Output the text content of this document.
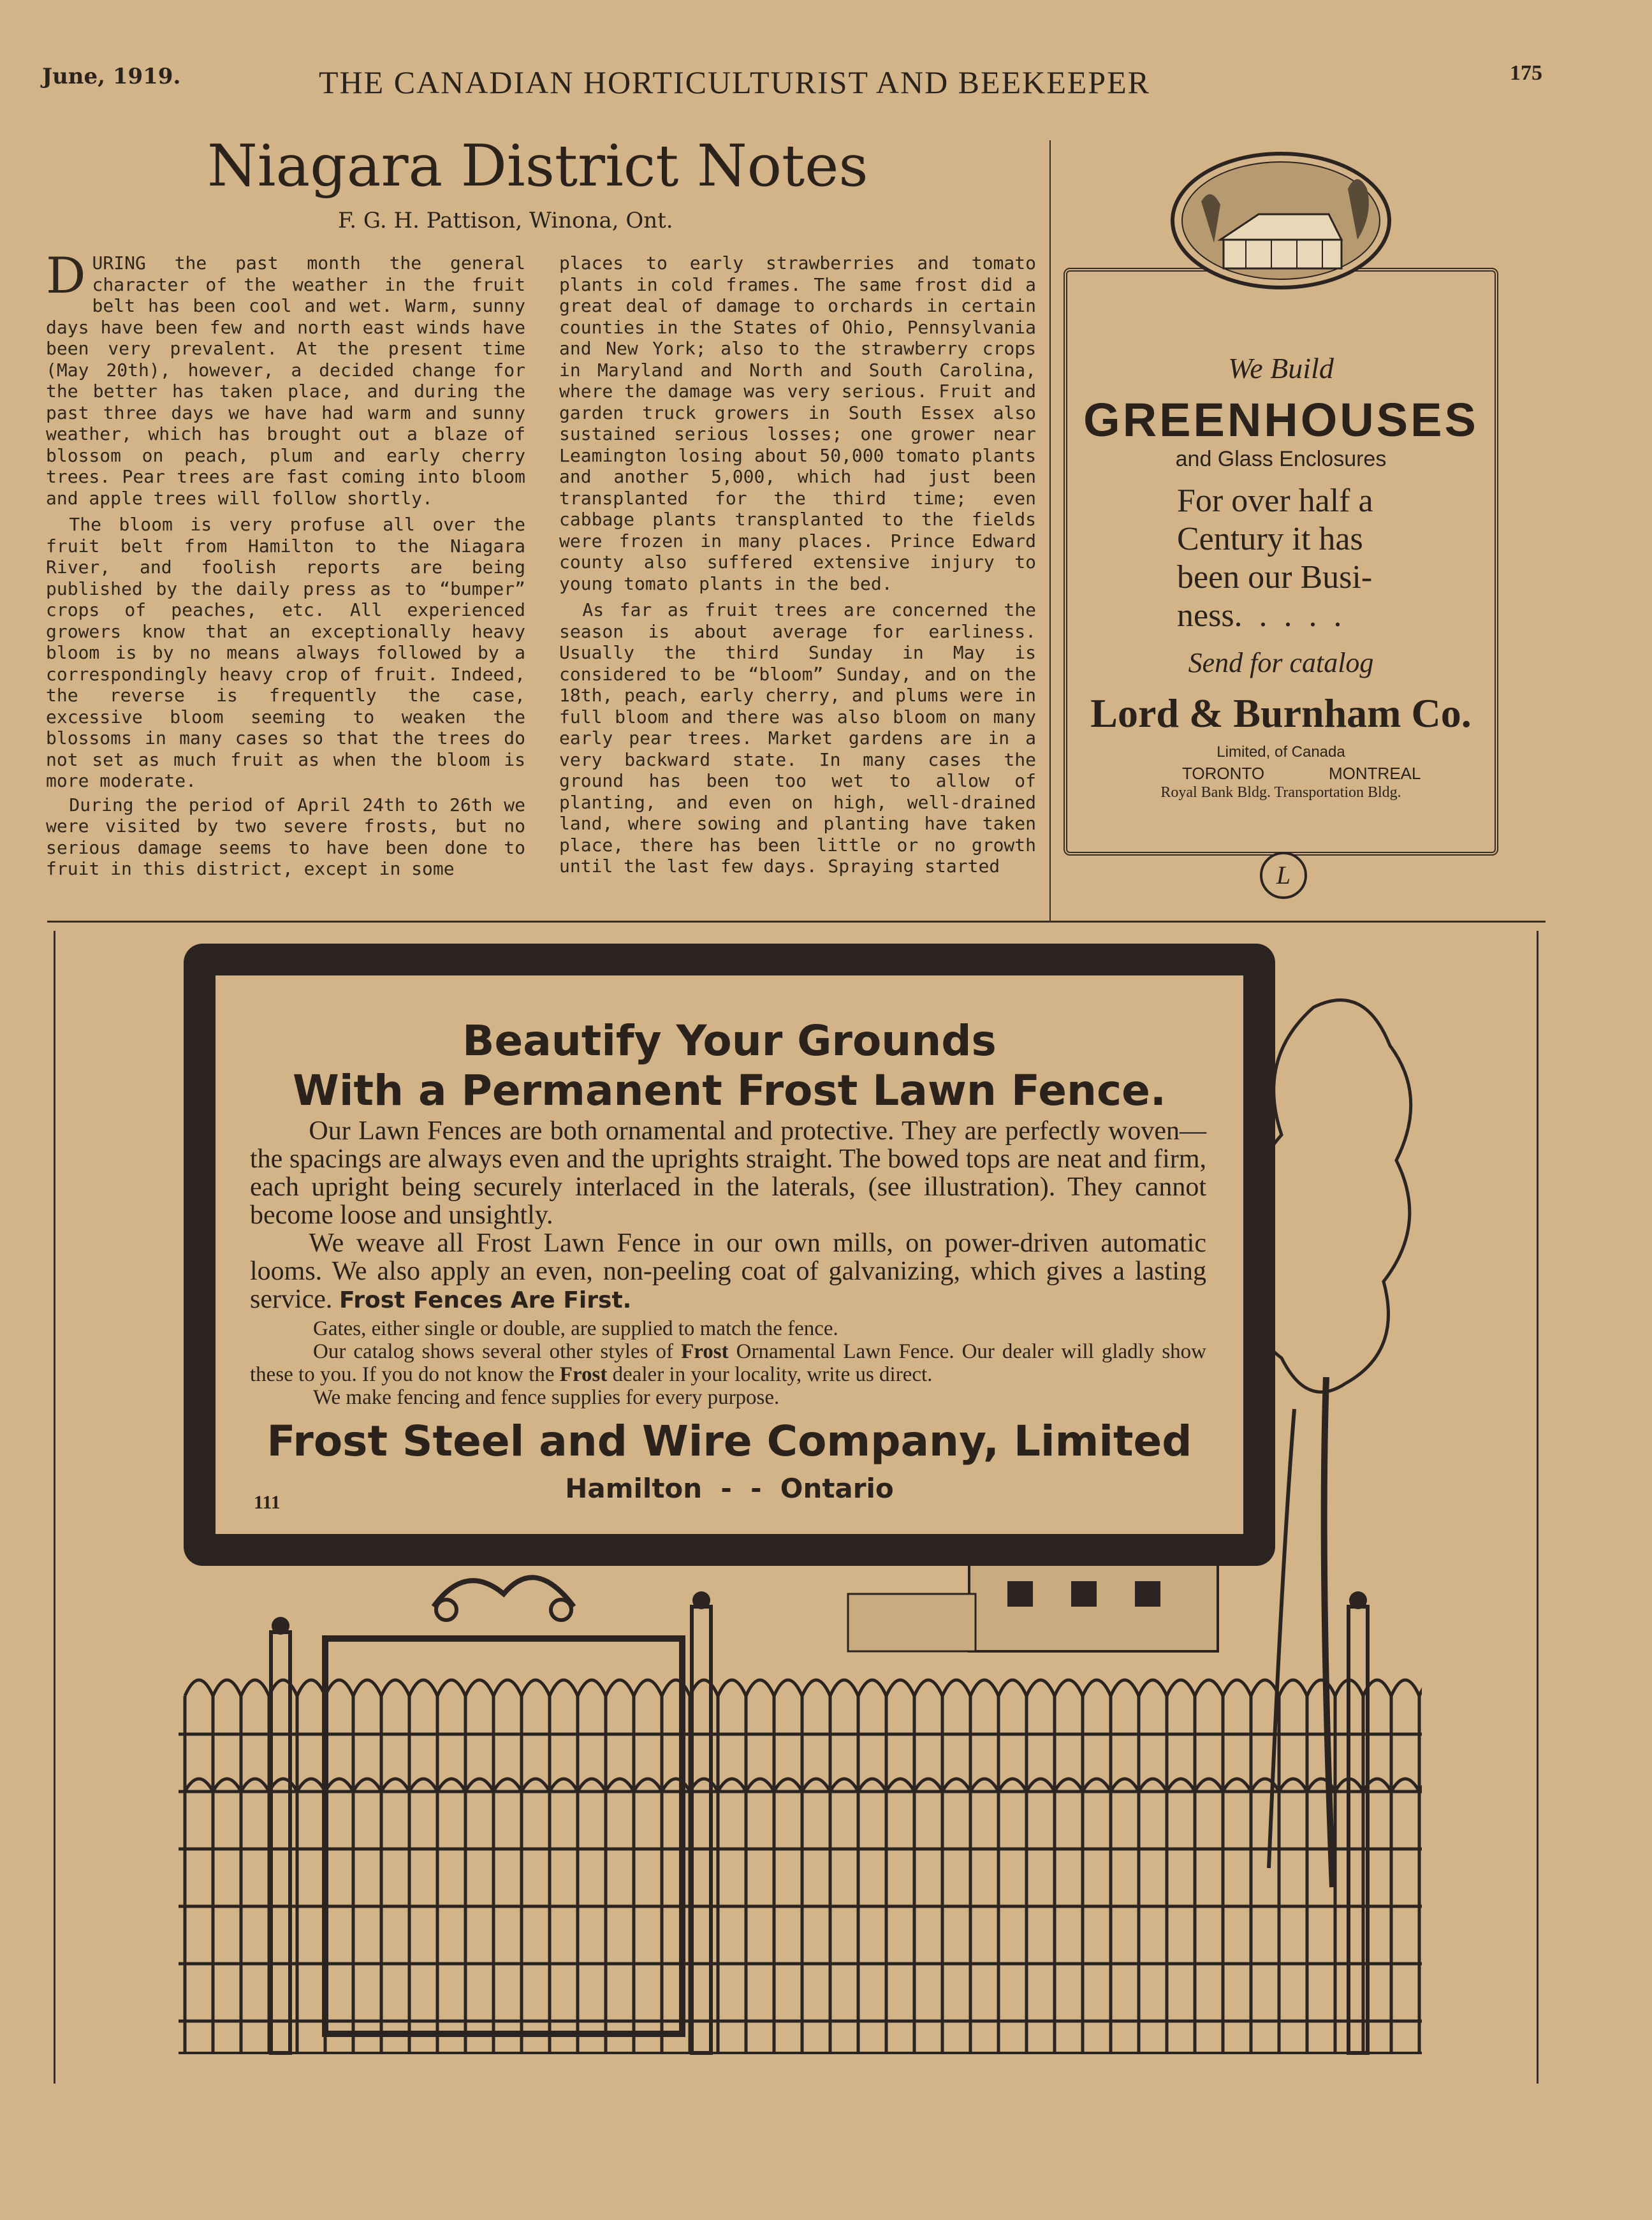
June, 1919.	THE CANADIAN HORTICULTURIST AND BEEKEEPER	175
Niagara District Notes
F. G. H. Pattison, Winona, Ont.

DURING the past month the general character of the weather in the fruit belt has been cool and wet. Warm, sunny days have been few and north east winds have been very prevalent. At the present time (May 20th), however, a decided change for the better has taken place, and during the past three days we have had warm and sunny weather, which has brought out a blaze of blossom on peach, plum and early cherry trees. Pear trees are fast coming into bloom and apple trees will follow shortly.

The bloom is very profuse all over the fruit belt from Hamilton to the Niagara River, and foolish reports are being published by the daily press as to “bumper” crops of peaches, etc. All experienced growers know that an exceptionally heavy bloom is by no means always followed by a correspondingly heavy crop of fruit. Indeed, the reverse is frequently the case, excessive bloom seeming to weaken the blossoms in many cases so that the trees do not set as much fruit as when the bloom is more moderate.

During the period of April 24th to 26th we were visited by two severe frosts, but no serious damage seems to have been done to fruit in this district, except in some

places to early strawberries and tomato plants in cold frames. The same frost did a great deal of damage to orchards in certain counties in the States of Ohio, Pennsylvania and New York; also to the strawberry crops in Maryland and North and South Carolina, where the damage was very serious. Fruit and garden truck growers in South Essex also sustained serious losses; one grower near Leamington losing about 50,000 tomato plants and another 5,000, which had just been transplanted for the third time; even cabbage plants transplanted to the fields were frozen in many places. Prince Edward county also suffered extensive injury to young tomato plants in the bed.

As far as fruit trees are concerned the season is about average for earliness. Usually the third Sunday in May is considered to be “bloom” Sunday, and on the 18th, peach, early cherry, and plums were in full bloom and there was also bloom on many early pear trees. Market gardens are in a very backward state. In many cases the ground has been too wet to allow of planting, and even on high, well-drained land, where sowing and planting have taken place, there has been little or no growth until the last few days. Spraying started

We Build
GREENHOUSES
and Glass Enclosures
For over half a
Century it has
been our Busi-
ness.  .  .  .  .
Send for catalog
Lord & Burnham Co.
Limited, of Canada
TORONTO	MONTREAL
Royal Bank Bldg. Transportation Bldg.
L
Beautify Your Grounds
With a Permanent Frost Lawn Fence.

Our Lawn Fences are both ornamental and protective. They are perfectly woven—the spacings are always even and the uprights straight. The bowed tops are neat and firm, each upright being securely interlaced in the laterals, (see illustration). They cannot become loose and unsightly.

We weave all Frost Lawn Fence in our own mills, on power-driven automatic looms. We also apply an even, non-peeling coat of galvanizing, which gives a lasting service. Frost Fences Are First.

Gates, either single or double, are supplied to match the fence.

Our catalog shows several other styles of Frost Ornamental Lawn Fence. Our dealer will gladly show these to you. If you do not know the Frost dealer in your locality, write us direct.

We make fencing and fence supplies for every purpose.

Frost Steel and Wire Company, Limited
Hamilton  -  -  Ontario
111
